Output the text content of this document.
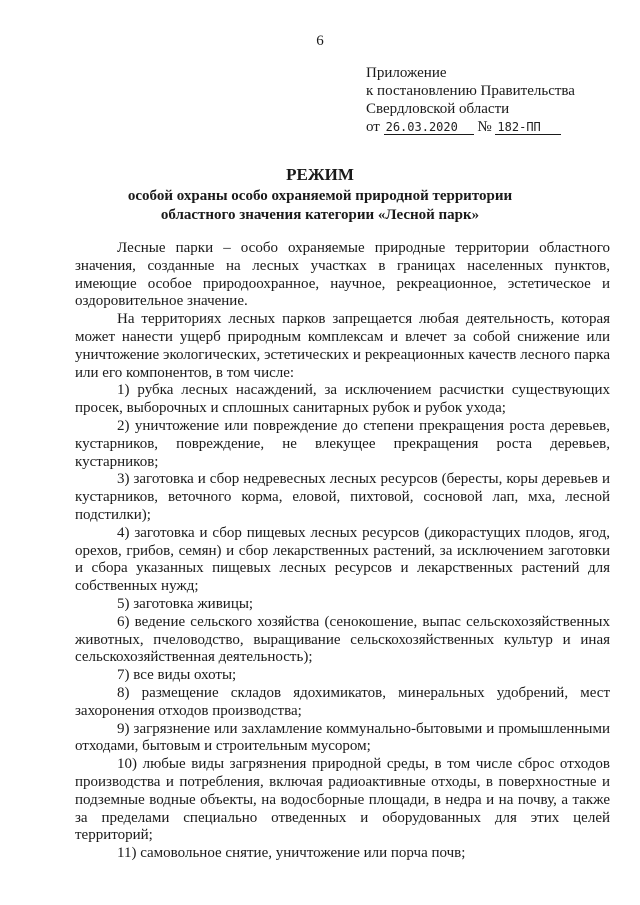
6
Приложение
к постановлению Правительства
Свердловской области
от 26.03.2020 № 182-ПП
РЕЖИМ
особой охраны особо охраняемой природной территории
областного значения категории «Лесной парк»

Лесные парки – особо охраняемые природные территории областного значения, созданные на лесных участках в границах населенных пунктов, имеющие особое природоохранное, научное, рекреационное, эстетическое и оздоровительное значение.

На территориях лесных парков запрещается любая деятельность, которая может нанести ущерб природным комплексам и влечет за собой снижение или уничтожение экологических, эстетических и рекреационных качеств лесного парка или его компонентов, в том числе:

1) рубка лесных насаждений, за исключением расчистки существующих просек, выборочных и сплошных санитарных рубок и рубок ухода;

2) уничтожение или повреждение до степени прекращения роста деревьев, кустарников, повреждение, не влекущее прекращения роста деревьев, кустарников;

3) заготовка и сбор недревесных лесных ресурсов (бересты, коры деревьев и кустарников, веточного корма, еловой, пихтовой, сосновой лап, мха, лесной подстилки);

4) заготовка и сбор пищевых лесных ресурсов (дикорастущих плодов, ягод, орехов, грибов, семян) и сбор лекарственных растений, за исключением заготовки и сбора указанных пищевых лесных ресурсов и лекарственных растений для собственных нужд;

5) заготовка живицы;

6) ведение сельского хозяйства (сенокошение, выпас сельскохозяйственных животных, пчеловодство, выращивание сельскохозяйственных культур и иная сельскохозяйственная деятельность);

7) все виды охоты;

8) размещение складов ядохимикатов, минеральных удобрений, мест захоронения отходов производства;

9) загрязнение или захламление коммунально-бытовыми и промышленными отходами, бытовым и строительным мусором;

10) любые виды загрязнения природной среды, в том числе сброс отходов производства и потребления, включая радиоактивные отходы, в поверхностные и подземные водные объекты, на водосборные площади, в недра и на почву, а также за пределами специально отведенных и оборудованных для этих целей территорий;

11) самовольное снятие, уничтожение или порча почв;
